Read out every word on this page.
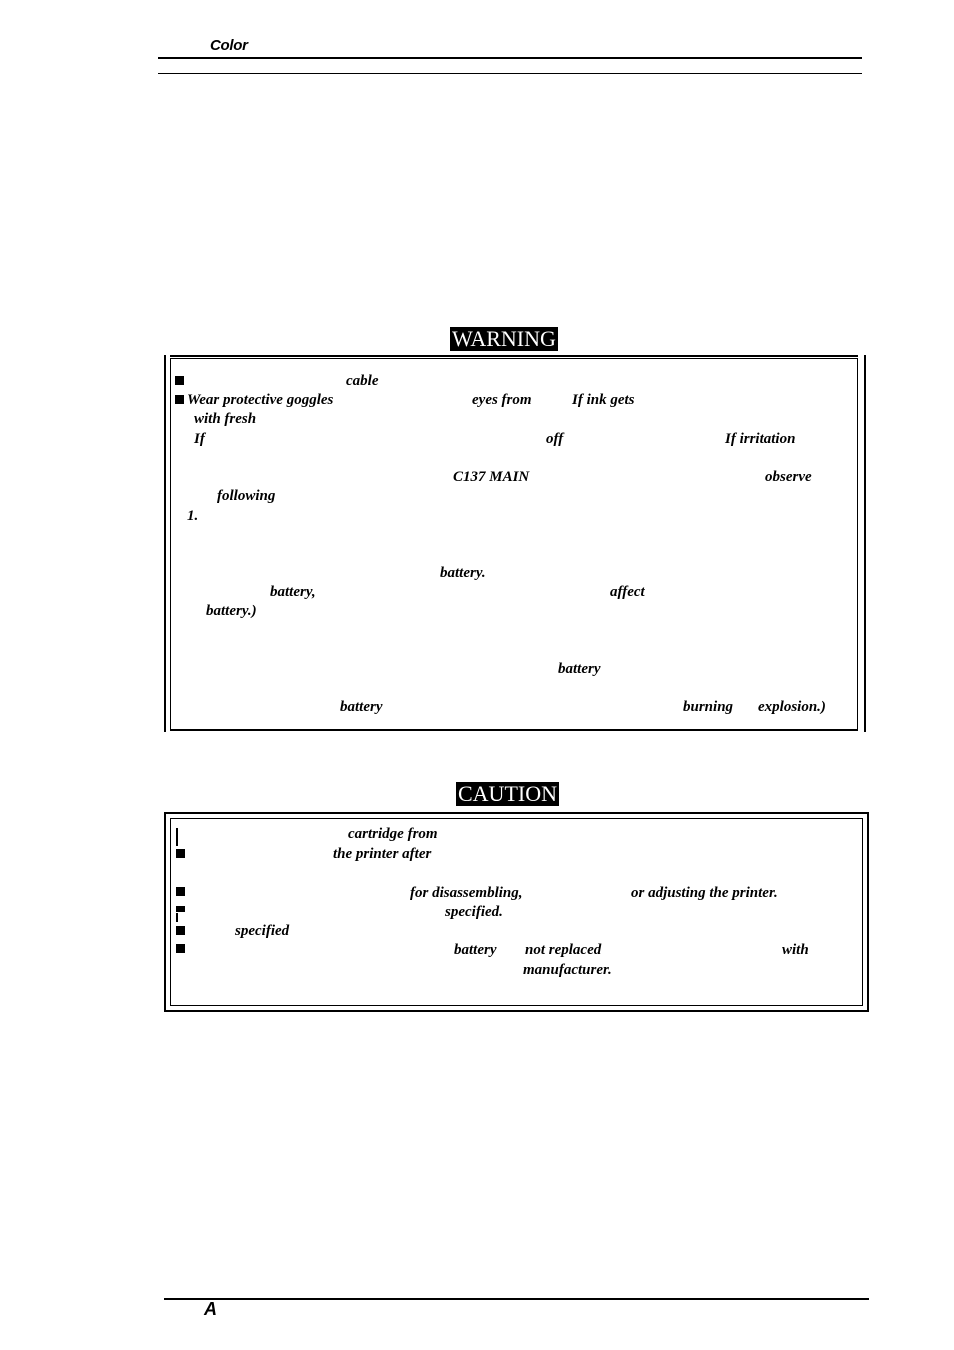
Color
WARNING
cable
Wear protective goggles	eyes from	If ink gets
with fresh
If	off	If irritation
C137 MAIN	observe
following
1.
battery.
battery,	affect
battery.)
battery
battery	burning explosion.)
CAUTION
cartridge from
the printer after
for disassembling,	or adjusting the printer.
specified.
specified
battery not replaced	with
manufacturer.
A
